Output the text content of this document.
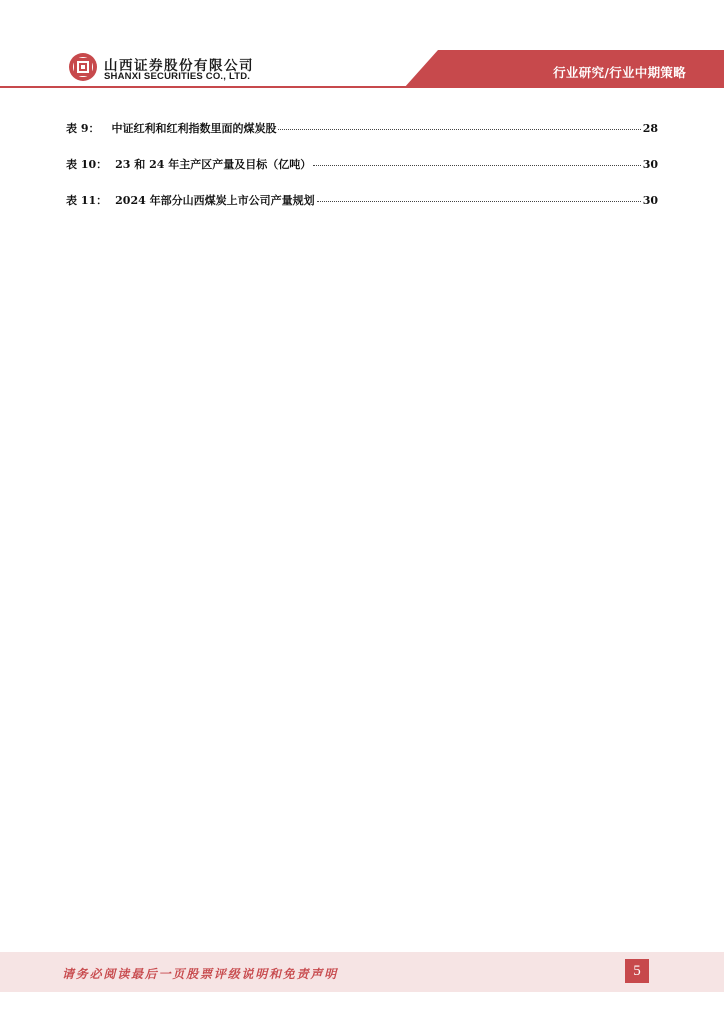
山西证券股份有限公司
SHANXI SECURITIES CO., LTD.	行业研究/行业中期策略
表 9： 中证红利和红利指数里面的煤炭股	28
表 10： 23 和 24 年主产区产量及目标（亿吨）	30
表 11： 2024 年部分山西煤炭上市公司产量规划	30
请务必阅读最后一页股票评级说明和免责声明	5
